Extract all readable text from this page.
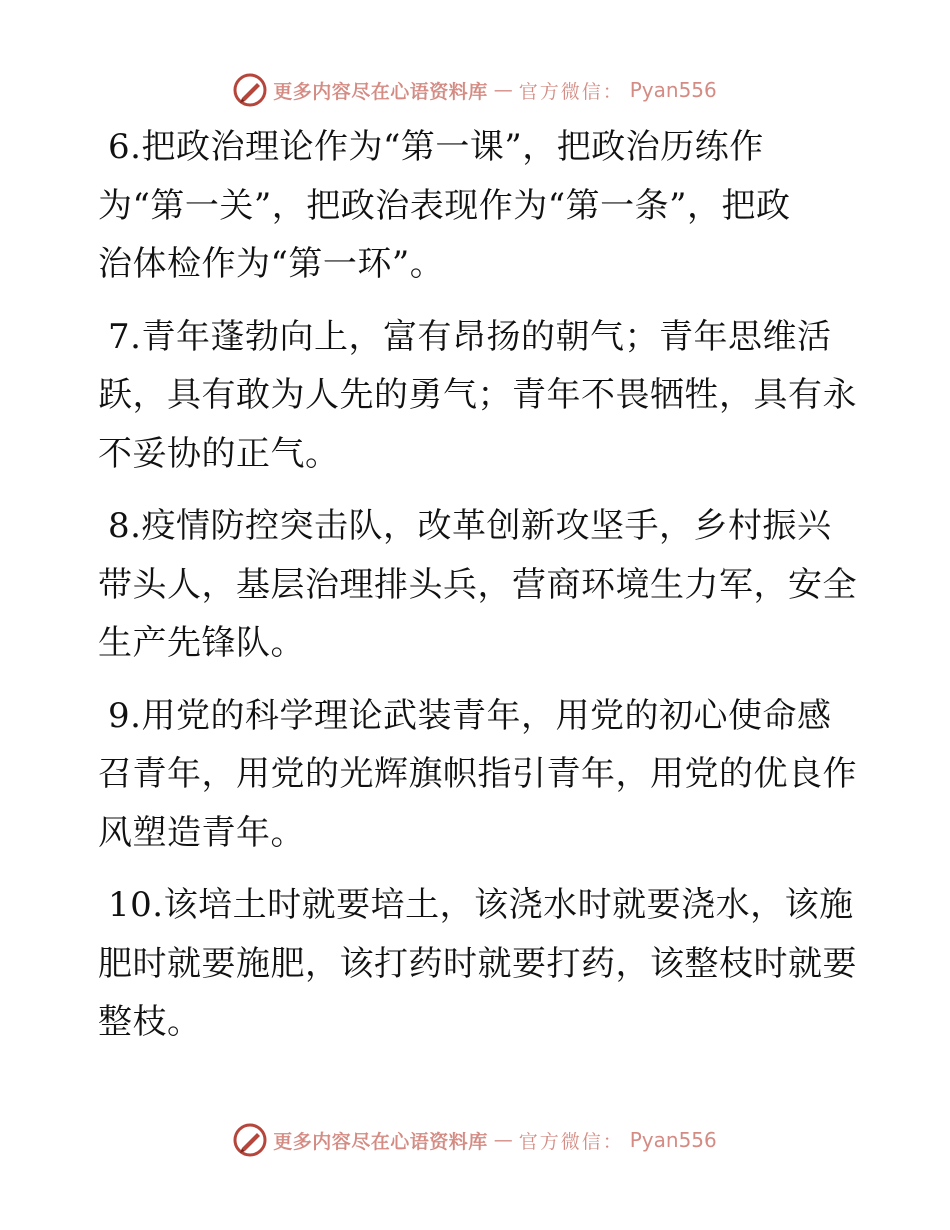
更多内容尽在心语资料库 — 官方微信： Pyan556

6.把政治理论作为“第一课”，把政治历练作
为“第一关”，把政治表现作为“第一条”，把政
治体检作为“第一环”。

7.青年蓬勃向上，富有昂扬的朝气；青年思维活
跃，具有敢为人先的勇气；青年不畏牺牲，具有永
不妥协的正气。

8.疫情防控突击队，改革创新攻坚手，乡村振兴
带头人，基层治理排头兵，营商环境生力军，安全
生产先锋队。

9.用党的科学理论武装青年，用党的初心使命感
召青年，用党的光辉旗帜指引青年，用党的优良作
风塑造青年。

10.该培土时就要培土，该浇水时就要浇水，该施
肥时就要施肥，该打药时就要打药，该整枝时就要
整枝。

更多内容尽在心语资料库 — 官方微信： Pyan556
